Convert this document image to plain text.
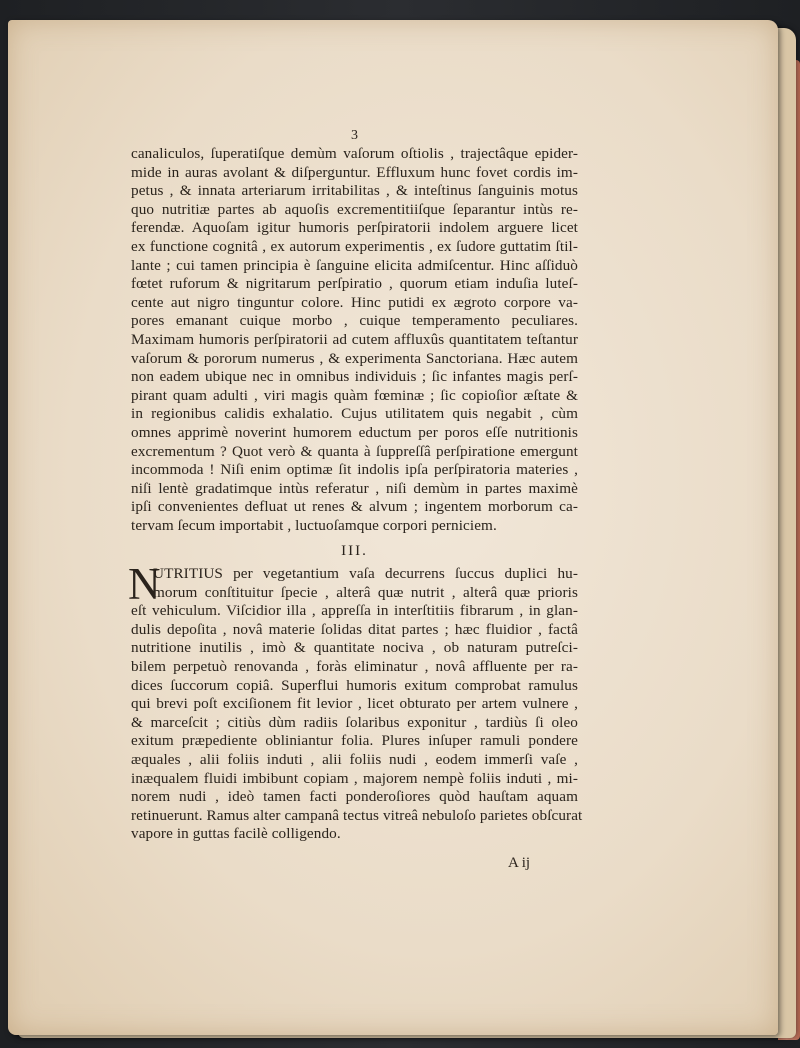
3
canaliculos, ſuperatiſque demùm vaſorum oſtiolis , trajectâque epider-
mide in auras avolant & diſperguntur. Effluxum hunc fovet cordis im-
petus , & innata arteriarum irritabilitas , & inteſtinus ſanguinis motus
quo nutritiæ partes ab aquoſis excrementitiiſque ſeparantur intùs re-
ferendæ. Aquoſam igitur humoris perſpiratorii indolem arguere licet
ex functione cognitâ , ex autorum experimentis , ex ſudore guttatim ſtil-
lante ; cui tamen principia è ſanguine elicita admiſcentur. Hinc aſſiduò
fœtet ruforum & nigritarum perſpiratio , quorum etiam induſia luteſ-
cente aut nigro tinguntur colore. Hinc putidi ex ægroto corpore va-
pores emanant cuique morbo , cuique temperamento peculiares.
Maximam humoris perſpiratorii ad cutem affluxûs quantitatem teſtantur
vaſorum & pororum numerus , & experimenta Sanctoriana. Hæc autem
non eadem ubique nec in omnibus individuis ; ſic infantes magis perſ-
pirant quam adulti , viri magis quàm fœminæ ; ſic copioſior æſtate &
in regionibus calidis exhalatio. Cujus utilitatem quis negabit , cùm
omnes apprimè noverint humorem eductum per poros eſſe nutritionis
excrementum ? Quot verò & quanta à ſuppreſſâ perſpiratione emergunt
incommoda ! Niſi enim optimæ ſit indolis ipſa perſpiratoria materies ,
niſi lentè gradatimque intùs referatur , niſi demùm in partes maximè
ipſi convenientes defluat ut renes & alvum ; ingentem morborum ca-
tervam ſecum importabit , luctuoſamque corpori perniciem.
III.
N
UTRITIUS per vegetantium vaſa decurrens ſuccus duplici hu-
morum conſtituitur ſpecie , alterâ quæ nutrit , alterâ quæ prioris
eſt vehiculum. Viſcidior illa , appreſſa in interſtitiis fibrarum , in glan-
dulis depoſita , novâ materie ſolidas ditat partes ; hæc fluidior , factâ
nutritione inutilis , imò & quantitate nociva , ob naturam putreſci-
bilem perpetuò renovanda , foràs eliminatur , novâ affluente per ra-
dices ſuccorum copiâ. Superflui humoris exitum comprobat ramulus
qui brevi poſt exciſionem fit levior , licet obturato per artem vulnere ,
& marceſcit ; citiùs dùm radiis ſolaribus exponitur , tardiùs ſi oleo
exitum præpediente obliniantur folia. Plures inſuper ramuli pondere
æquales , alii foliis induti , alii foliis nudi , eodem immerſi vaſe ,
inæqualem fluidi imbibunt copiam , majorem nempè foliis induti , mi-
norem nudi , ideò tamen facti ponderoſiores quòd hauſtam aquam
retinuerunt. Ramus alter campanâ tectus vitreâ nebuloſo parietes obſcurat
vapore in guttas facilè colligendo.
A ij
